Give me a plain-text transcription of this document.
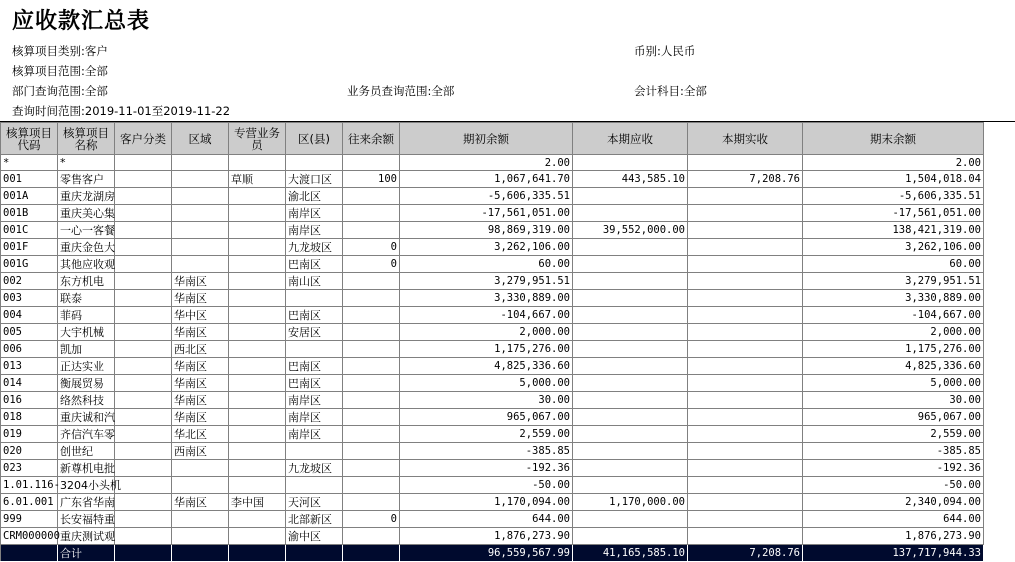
应收款汇总表
核算项目类别:客户
核算项目范围:全部
部门查询范围:全部
查询时间范围:2019-11-01至2019-11-22
业务员查询范围:全部
币别:人民币
会计科目:全部
核算项目代码	核算项目名称	客户分类	区域	专营业务员	区(县)	往来余额	期初余额	本期应收	本期实收	期末余额
*	*						2.00			2.00
001	零售客户			草顺	大渡口区	100	1,067,641.70	443,585.10	7,208.76	1,504,018.04
001A	重庆龙湖房				渝北区		-5,606,335.51			-5,606,335.51
001B	重庆美心集				南岸区		-17,561,051.00			-17,561,051.00
001C	一心一客餐				南岸区		98,869,319.00	39,552,000.00		138,421,319.00
001F	重庆金色大				九龙坡区	0	3,262,106.00			3,262,106.00
001G	其他应收观				巴南区	0	60.00			60.00
002	东方机电		华南区		南山区		3,279,951.51			3,279,951.51
003	联泰		华南区				3,330,889.00			3,330,889.00
004	菲码		华中区		巴南区		-104,667.00			-104,667.00
005	大宇机械		华南区		安居区		2,000.00			2,000.00
006	凯加		西北区				1,175,276.00			1,175,276.00
013	正达实业		华南区		巴南区		4,825,336.60			4,825,336.60
014	衡展贸易		华南区		巴南区		5,000.00			5,000.00
016	络然科技		华南区		南岸区		30.00			30.00
018	重庆诚和汽		华南区		南岸区		965,067.00			965,067.00
019	齐信汽车零		华北区		南岸区		2,559.00			2,559.00
020	创世纪		西南区				-385.85			-385.85
023	新尊机电批				九龙坡区		-192.36			-192.36
1.01.116-	3204小头机						-50.00			-50.00
6.01.001	广东省华南		华南区	李中国	天河区		1,170,094.00	1,170,000.00		2,340,094.00
999	长安福特重				北部新区	0	644.00			644.00
CRM000000	重庆测试观				渝中区		1,876,273.90			1,876,273.90
	合计						96,559,567.99	41,165,585.10	7,208.76	137,717,944.33
